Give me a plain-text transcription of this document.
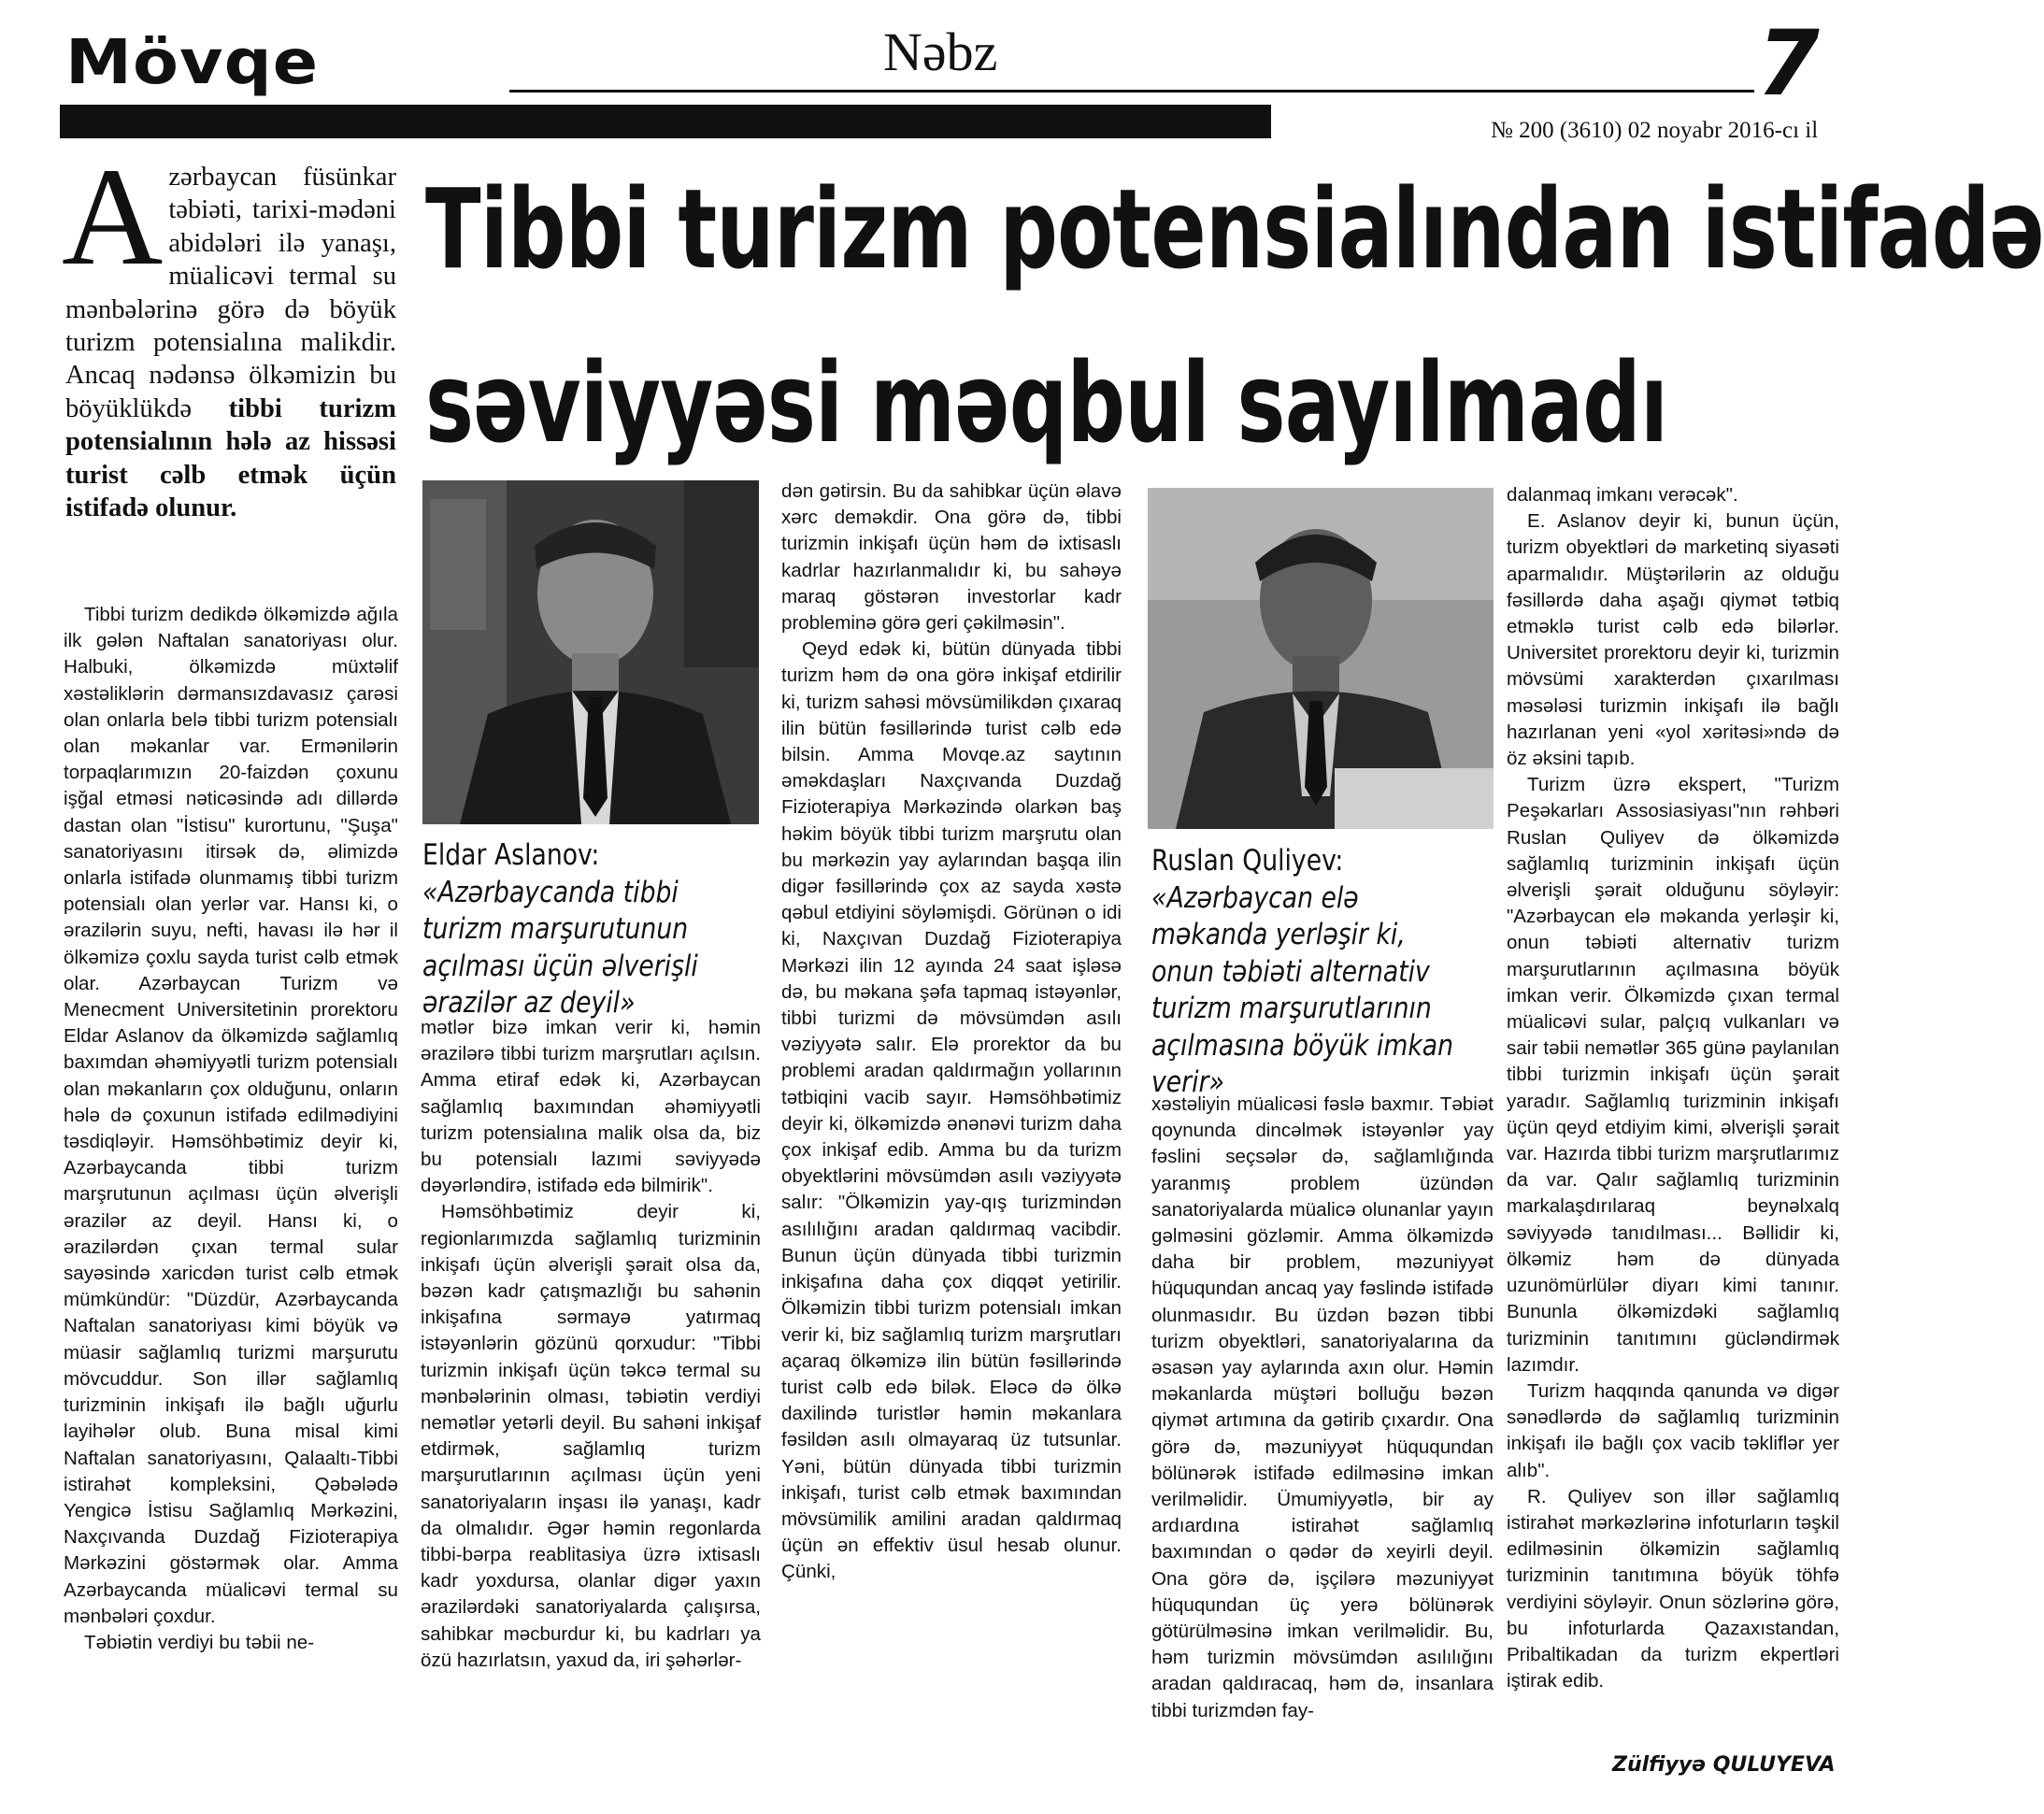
Mövqe	Nəbz	7
№ 200 (3610) 02 noyabr 2016-cı il
Tibbi turizm potensialından istifadə
səviyyəsi məqbul sayılmadı
Azərbaycan füsünkar təbiəti, tarixi-mədəni abidələri ilə yanaşı, müalicəvi termal su mənbələrinə görə də böyük turizm potensialına malikdir. Ancaq nədənsə ölkəmizin bu böyüklükdə tibbi turizm potensialının hələ az hissəsi turist cəlb etmək üçün istifadə olunur.

Tibbi turizm dedikdə ölkəmizdə ağıla ilk gələn Naftalan sanatoriyası olur. Halbuki, ölkəmizdə müxtəlif xəstəliklərin dərmansızdavasız çarəsi olan onlarla belə tibbi turizm potensialı olan məkanlar var. Ermənilərin torpaqlarımızın 20-faizdən çoxunu işğal etməsi nəticəsində adı dillərdə dastan olan "İstisu" kurortunu, "Şuşa" sanatoriyasını itirsək də, əlimizdə onlarla istifadə olunmamış tibbi turizm potensialı olan yerlər var. Hansı ki, o ərazilərin suyu, nefti, havası ilə hər il ölkəmizə çoxlu sayda turist cəlb etmək olar. Azərbaycan Turizm və Menecment Universitetinin prorektoru Eldar Aslanov da ölkəmizdə sağlamlıq baxımdan əhəmiyyətli turizm potensialı olan məkanların çox olduğunu, onların hələ də çoxunun istifadə edilmədiyini təsdiqləyir. Həmsöhbətimiz deyir ki, Azərbaycanda tibbi turizm marşrutunun açılması üçün əlverişli ərazilər az deyil. Hansı ki, o ərazilərdən çıxan termal sular sayəsində xaricdən turist cəlb etmək mümkündür: "Düzdür, Azərbaycanda Naftalan sanatoriyası kimi böyük və müasir sağlamlıq turizmi marşurutu mövcuddur. Son illər sağlamlıq turizminin inkişafı ilə bağlı uğurlu layihələr olub. Buna misal kimi Naftalan sanatoriyasını, Qalaaltı-Tibbi istirahət kompleksini, Qəbələdə Yengicə İstisu Sağlamlıq Mərkəzini, Naxçıvanda Duzdağ Fizioterapiya Mərkəzini göstərmək olar. Amma Azərbaycanda müalicəvi termal su mənbələri çoxdur.

Təbiətin verdiyi bu təbii ne-

Eldar Aslanov:
«Azərbaycanda tibbi
turizm marşurutunun
açılması üçün əlverişli
ərazilər az deyil»

mətlər bizə imkan verir ki, həmin ərazilərə tibbi turizm marşrutları açılsın. Amma etiraf edək ki, Azərbaycan sağlamlıq baxımından əhəmiyyətli turizm potensialına malik olsa da, biz bu potensialı lazımi səviyyədə dəyərləndirə, istifadə edə bilmirik".

Həmsöhbətimiz deyir ki, regionlarımızda sağlamlıq turizminin inkişafı üçün əlverişli şərait olsa da, bəzən kadr çatışmazlığı bu sahənin inkişafına sərmayə yatırmaq istəyənlərin gözünü qorxudur: "Tibbi turizmin inkişafı üçün təkcə termal su mənbələrinin olması, təbiətin verdiyi nemətlər yetərli deyil. Bu sahəni inkişaf etdirmək, sağlamlıq turizm marşurutlarının açılması üçün yeni sanatoriyaların inşası ilə yanaşı, kadr da olmalıdır. Əgər həmin regonlarda tibbi-bərpa reablitasiya üzrə ixtisaslı kadr yoxdursa, olanlar digər yaxın ərazilərdəki sanatoriyalarda çalışırsa, sahibkar məcburdur ki, bu kadrları ya özü hazırlatsın, yaxud da, iri şəhərlər-

dən gətirsin. Bu da sahibkar üçün əlavə xərc deməkdir. Ona görə də, tibbi turizmin inkişafı üçün həm də ixtisaslı kadrlar hazırlanmalıdır ki, bu sahəyə maraq göstərən investorlar kadr probleminə görə geri çəkilməsin".

Qeyd edək ki, bütün dünyada tibbi turizm həm də ona görə inkişaf etdirilir ki, turizm sahəsi mövsümilikdən çıxaraq ilin bütün fəsillərində turist cəlb edə bilsin. Amma Movqe.az saytının əməkdaşları Naxçıvanda Duzdağ Fizioterapiya Mərkəzində olarkən baş həkim böyük tibbi turizm marşrutu olan bu mərkəzin yay aylarından başqa ilin digər fəsillərində çox az sayda xəstə qəbul etdiyini söyləmişdi. Görünən o idi ki, Naxçıvan Duzdağ Fizioterapiya Mərkəzi ilin 12 ayında 24 saat işləsə də, bu məkana şəfa tapmaq istəyənlər, tibbi turizmi də mövsümdən asılı vəziyyətə salır. Elə prorektor da bu problemi aradan qaldırmağın yollarının tətbiqini vacib sayır. Həmsöhbətimiz deyir ki, ölkəmizdə ənənəvi turizm daha çox inkişaf edib. Amma bu da turizm obyektlərini mövsümdən asılı vəziyyətə salır: "Ölkəmizin yay-qış turizmindən asılılığını aradan qaldırmaq vacibdir. Bunun üçün dünyada tibbi turizmin inkişafına daha çox diqqət yetirilir. Ölkəmizin tibbi turizm potensialı imkan verir ki, biz sağlamlıq turizm marşrutları açaraq ölkəmizə ilin bütün fəsillərində turist cəlb edə bilək. Eləcə də ölkə daxilində turistlər həmin məkanlara fəsildən asılı olmayaraq üz tutsunlar. Yəni, bütün dünyada tibbi turizmin inkişafı, turist cəlb etmək baxımından mövsümilik amilini aradan qaldırmaq üçün ən effektiv üsul hesab olunur. Çünki,

Ruslan Quliyev:
«Azərbaycan elə
məkanda yerləşir ki,
onun təbiəti alternativ
turizm marşurutlarının
açılmasına böyük imkan
verir»

xəstəliyin müalicəsi fəslə baxmır. Təbiət qoynunda dincəlmək istəyənlər yay fəslini seçsələr də, sağlamlığında yaranmış problem üzündən sanatoriyalarda müalicə olunanlar yayın gəlməsini gözləmir. Amma ölkəmizdə daha bir problem, məzuniyyət hüququndan ancaq yay fəslində istifadə olunmasıdır. Bu üzdən bəzən tibbi turizm obyektləri, sanatoriyalarına da əsasən yay aylarında axın olur. Həmin məkanlarda müştəri bolluğu bəzən qiymət artımına da gətirib çıxardır. Ona görə də, məzuniyyət hüququndan bölünərək istifadə edilməsinə imkan verilməlidir. Ümumiyyətlə, bir ay ardıardına istirahət sağlamlıq baxımından o qədər də xeyirli deyil. Ona görə də, işçilərə məzuniyyət hüququndan üç yerə bölünərək götürülməsinə imkan verilməlidir. Bu, həm turizmin mövsümdən asılılığını aradan qaldıracaq, həm də, insanlara tibbi turizmdən fay-

dalanmaq imkanı verəcək".

E. Aslanov deyir ki, bunun üçün, turizm obyektləri də marketinq siyasəti aparmalıdır. Müştərilərin az olduğu fəsillərdə daha aşağı qiymət tətbiq etməklə turist cəlb edə bilərlər. Universitet prorektoru deyir ki, turizmin mövsümi xarakterdən çıxarılması məsələsi turizmin inkişafı ilə bağlı hazırlanan yeni «yol xəritəsi»ndə də öz əksini tapıb.

Turizm üzrə ekspert, "Turizm Peşəkarları Assosiasiyası"nın rəhbəri Ruslan Quliyev də ölkəmizdə sağlamlıq turizminin inkişafı üçün əlverişli şərait olduğunu söyləyir: "Azərbaycan elə məkanda yerləşir ki, onun təbiəti alternativ turizm marşurutlarının açılmasına böyük imkan verir. Ölkəmizdə çıxan termal müalicəvi sular, palçıq vulkanları və sair təbii nemətlər 365 günə paylanılan tibbi turizmin inkişafı üçün şərait yaradır. Sağlamlıq turizminin inkişafı üçün qeyd etdiyim kimi, əlverişli şərait var. Hazırda tibbi turizm marşrutlarımız da var. Qalır sağlamlıq turizminin markalaşdırılaraq beynəlxalq səviyyədə tanıdılması... Bəllidir ki, ölkəmiz həm də dünyada uzunömürlülər diyarı kimi tanınır. Bununla ölkəmizdəki sağlamlıq turizminin tanıtımını gücləndirmək lazımdır.

Turizm haqqında qanunda və digər sənədlərdə də sağlamlıq turizminin inkişafı ilə bağlı çox vacib təkliflər yer alıb".

R. Quliyev son illər sağlamlıq istirahət mərkəzlərinə infoturların təşkil edilməsinin ölkəmizin sağlamlıq turizminin tanıtımına böyük töhfə verdiyini söyləyir. Onun sözlərinə görə, bu infoturlarda Qazaxıstandan, Pribaltikadan da turizm ekpertləri iştirak edib.

Zülfiyyə QULUYEVA
